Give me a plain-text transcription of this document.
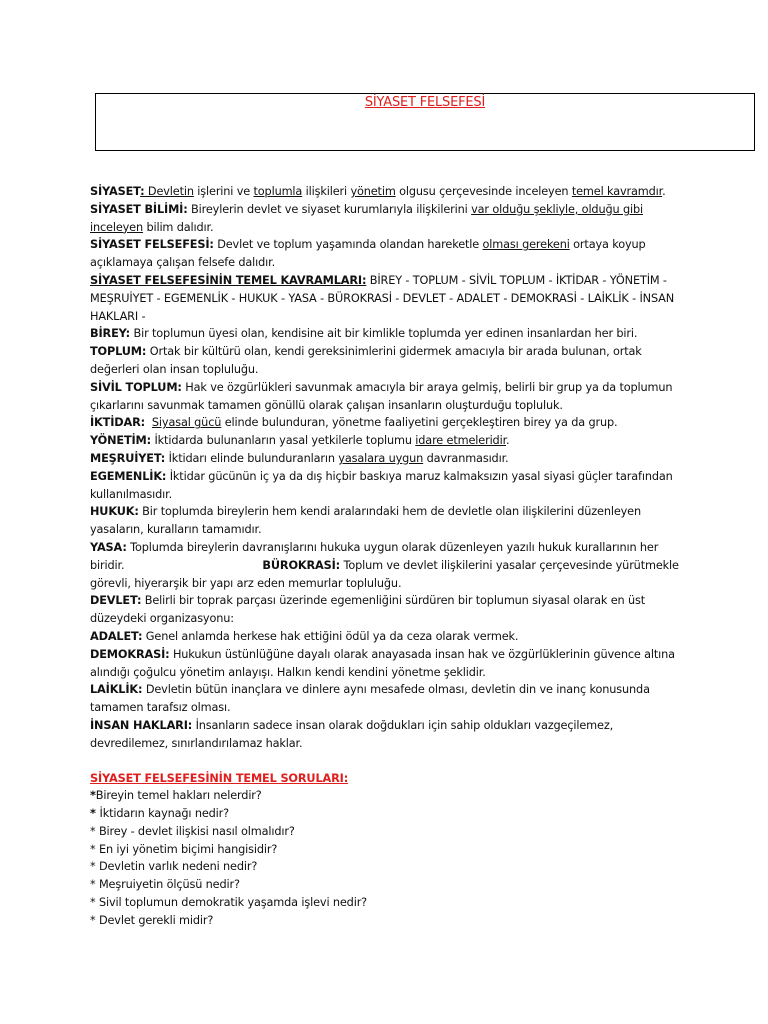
SİYASET FELSEFESİ

SİYASET: Devletin işlerini ve toplumla ilişkileri yönetim olgusu çerçevesinde inceleyen temel kavramdır.

SİYASET BİLİMİ: Bireylerin devlet ve siyaset kurumlarıyla ilişkilerini var olduğu şekliyle, olduğu gibi inceleyen bilim dalıdır.

SİYASET FELSEFESİ: Devlet ve toplum yaşamında olandan hareketle olması gerekeni ortaya koyup açıklamaya çalışan felsefe dalıdır.

SİYASET FELSEFESİNİN TEMEL KAVRAMLARI: BİREY - TOPLUM - SİVİL TOPLUM - İKTİDAR - YÖNETİM - MEŞRUİYET - EGEMENLİK - HUKUK - YASA - BÜROKRASİ - DEVLET - ADALET - DEMOKRASİ - LAİKLİK - İNSAN HAKLARI -

BİREY: Bir toplumun üyesi olan, kendisine ait bir kimlikle toplumda yer edinen insanlardan her biri.

TOPLUM: Ortak bir kültürü olan, kendi gereksinimlerini gidermek amacıyla bir arada bulunan, ortak değerleri olan insan topluluğu.

SİVİL TOPLUM: Hak ve özgürlükleri savunmak amacıyla bir araya gelmiş, belirli bir grup ya da toplumun çıkarlarını savunmak tamamen gönüllü olarak çalışan insanların oluşturduğu topluluk.

İKTİDAR: Siyasal gücü elinde bulunduran, yönetme faaliyetini gerçekleştiren birey ya da grup.

YÖNETİM: İktidarda bulunanların yasal yetkilerle toplumu idare etmeleridir.

MEŞRUİYET: İktidarı elinde bulunduranların yasalara uygun davranmasıdır.

EGEMENLİK: İktidar gücünün iç ya da dış hiçbir baskıya maruz kalmaksızın yasal siyasi güçler tarafından kullanılmasıdır.

HUKUK: Bir toplumda bireylerin hem kendi aralarındaki hem de devletle olan ilişkilerini düzenleyen yasaların, kuralların tamamıdır.

YASA: Toplumda bireylerin davranışlarını hukuka uygun olarak düzenleyen yazılı hukuk kurallarının her biridir.	BÜROKRASİ: Toplum ve devlet ilişkilerini yasalar çerçevesinde yürütmekle görevli, hiyerarşik bir yapı arz eden memurlar topluluğu.

DEVLET: Belirli bir toprak parçası üzerinde egemenliğini sürdüren bir toplumun siyasal olarak en üst düzeydeki organizasyonu:

ADALET: Genel anlamda herkese hak ettiğini ödül ya da ceza olarak vermek.

DEMOKRASİ: Hukukun üstünlüğüne dayalı olarak anayasada insan hak ve özgürlüklerinin güvence altına alındığı çoğulcu yönetim anlayışı. Halkın kendi kendini yönetme şeklidir.

LAİKLİK: Devletin bütün inançlara ve dinlere aynı mesafede olması, devletin din ve inanç konusunda tamamen tarafsız olması.

İNSAN HAKLARI: İnsanların sadece insan olarak doğdukları için sahip oldukları vazgeçilemez, devredilemez, sınırlandırılamaz haklar.

SİYASET FELSEFESİNİN TEMEL SORULARI:

*Bireyin temel hakları nelerdir?

* İktidarın kaynağı nedir?

* Birey - devlet ilişkisi nasıl olmalıdır?

* En iyi yönetim biçimi hangisidir?

* Devletin varlık nedeni nedir?

* Meşruiyetin ölçüsü nedir?

* Sivil toplumun demokratik yaşamda işlevi nedir?

* Devlet gerekli midir?
